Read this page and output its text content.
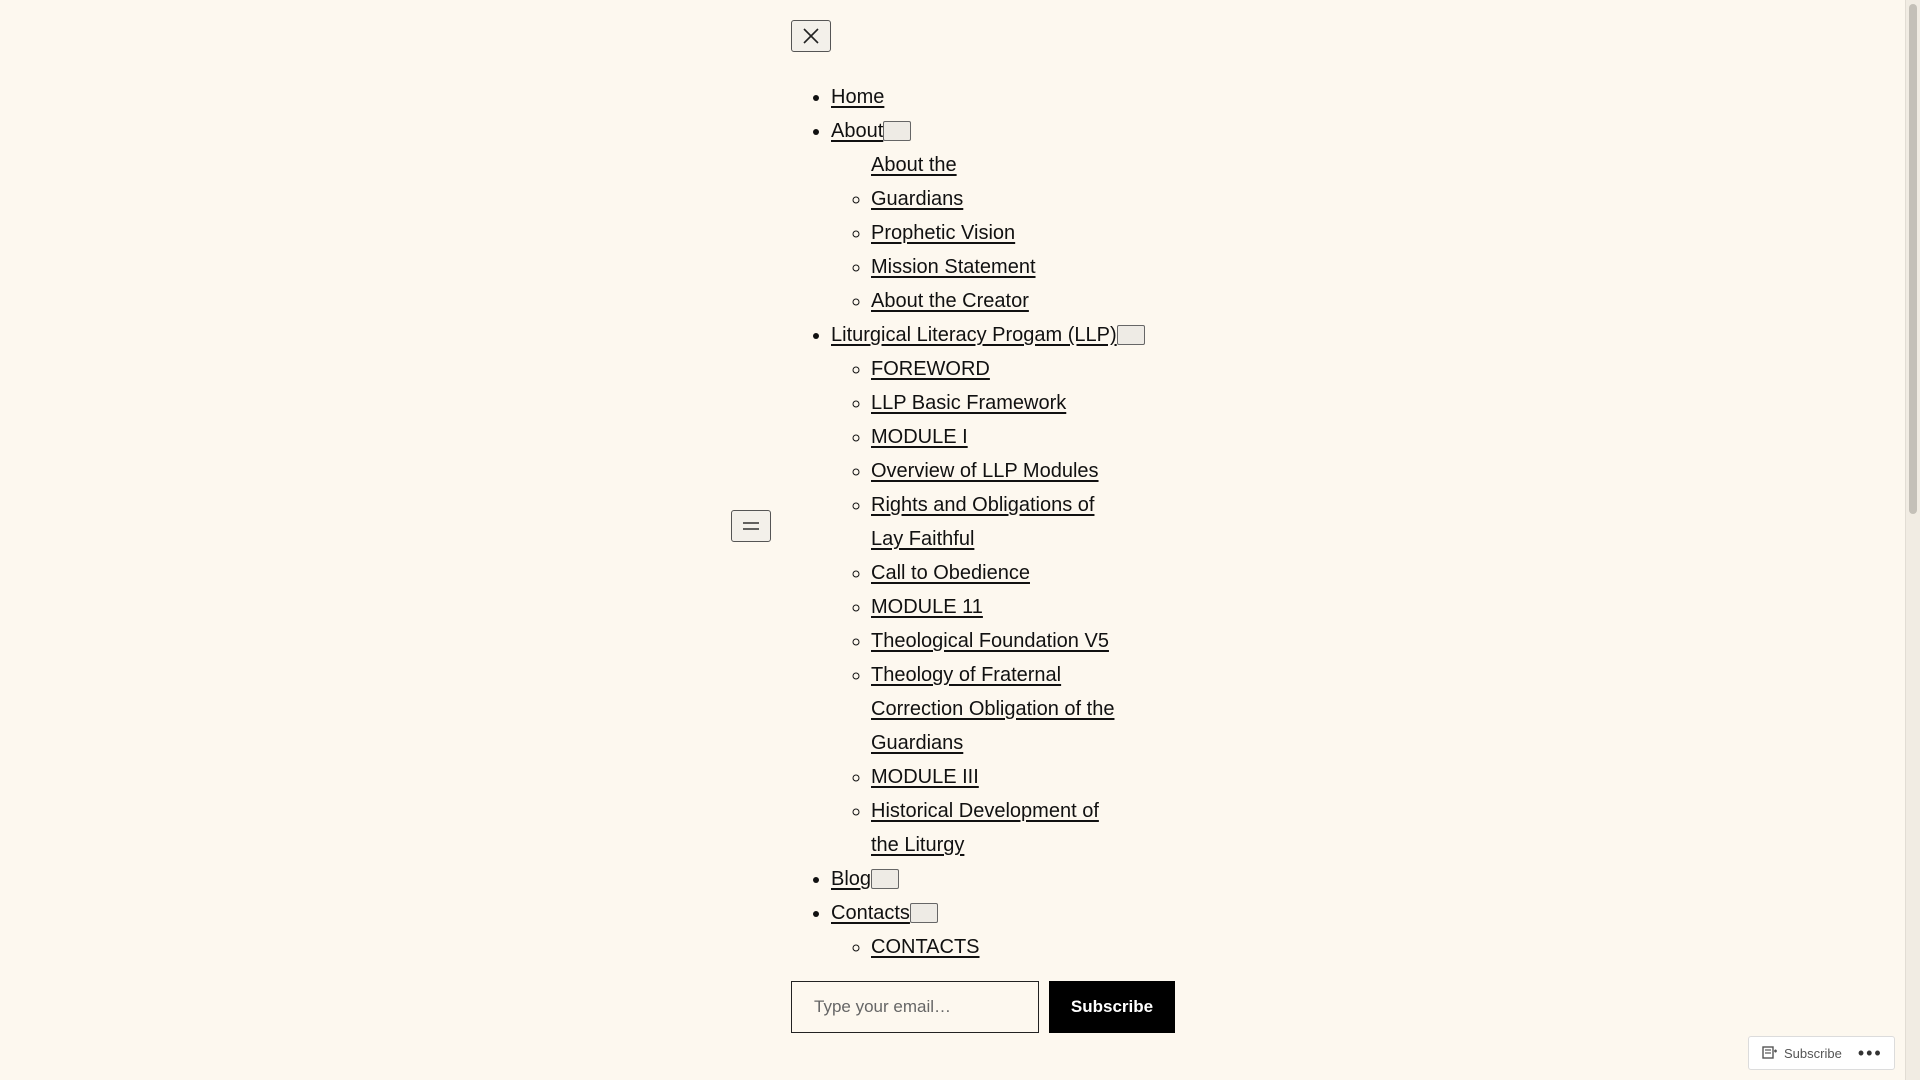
• Home
• About
◦ About the Guardians
◦ Prophetic Vision
◦ Mission Statement
◦ About the Creator
• Liturgical Literacy Progam (LLP)
◦ FOREWORD
◦ LLP Basic Framework
◦ MODULE I
◦ Overview of LLP Modules
◦ Rights and Obligations of Lay Faithful
◦ Call to Obedience
◦ MODULE 11
◦ Theological Foundation V5
◦ Theology of Fraternal Correction Obligation of the Guardians
◦ MODULE III
◦ Historical Development of the Liturgy
• Blog
• Contacts
◦ CONTACTS
Type your email…
Subscribe
Subscribe •••
